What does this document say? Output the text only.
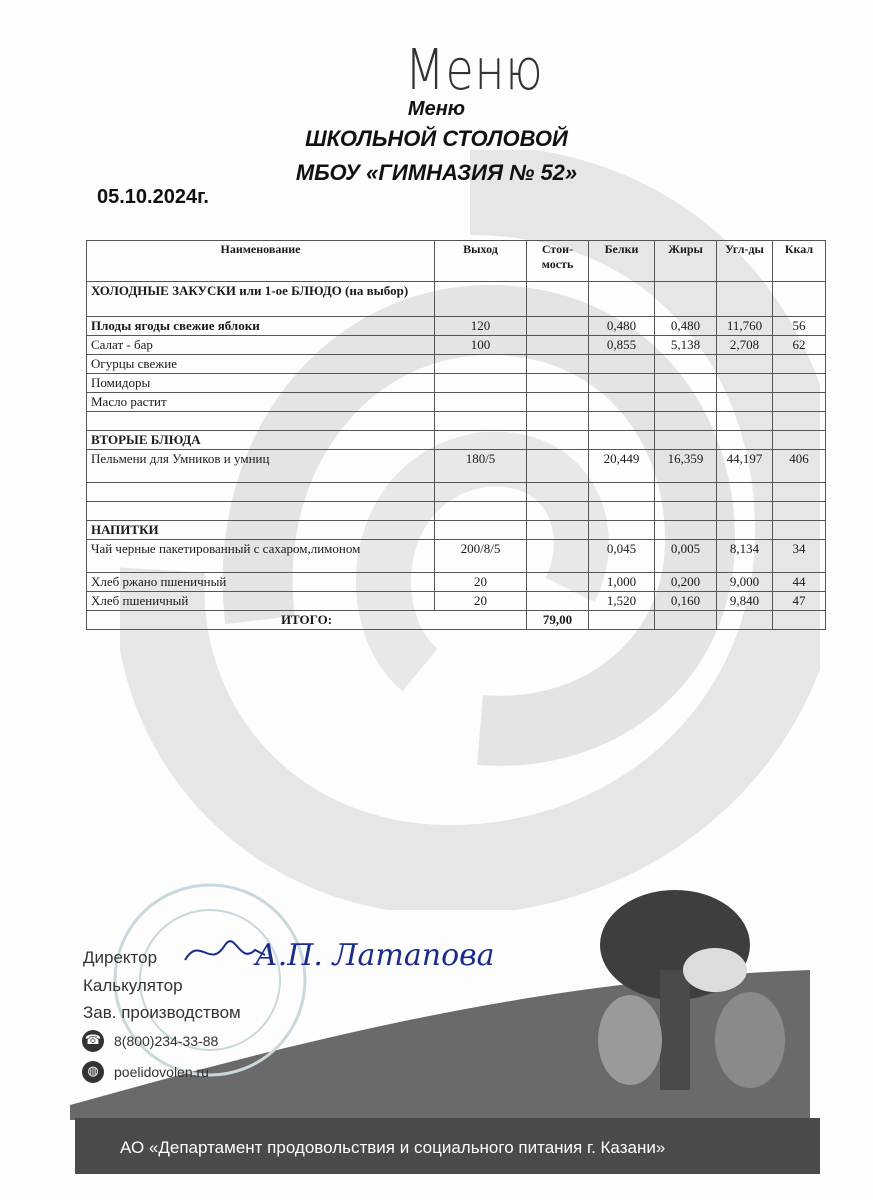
Меню
Меню
ШКОЛЬНОЙ СТОЛОВОЙ
МБОУ «ГИМНАЗИЯ № 52»
05.10.2024г.
Наименование	Выход	Стои-мость	Белки	Жиры	Угл-ды	Ккал
ХОЛОДНЫЕ ЗАКУСКИ или 1-ое БЛЮДО (на выбор)						
Плоды ягоды свежие яблоки	120		0,480	0,480	11,760	56
Салат - бар	100		0,855	5,138	2,708	62
Огурцы свежие						
Помидоры						
Масло растит						

ВТОРЫЕ БЛЮДА						
Пельмени для Умников и умниц	180/5		20,449	16,359	44,197	406

НАПИТКИ						
Чай черные пакетированный с сахаром,лимоном	200/8/5		0,045	0,005	8,134	34
Хлеб ржано пшеничный	20		1,000	0,200	9,000	44
Хлеб пшеничный	20		1,520	0,160	9,840	47
ИТОГО:		79,00				
А.П. Латапова
Директор
Калькулятор
Зав. производством
☎ 8(800)234-33-88
◍	poelidovolen.ru
АО «Департамент продовольствия и социального питания г. Казани»
